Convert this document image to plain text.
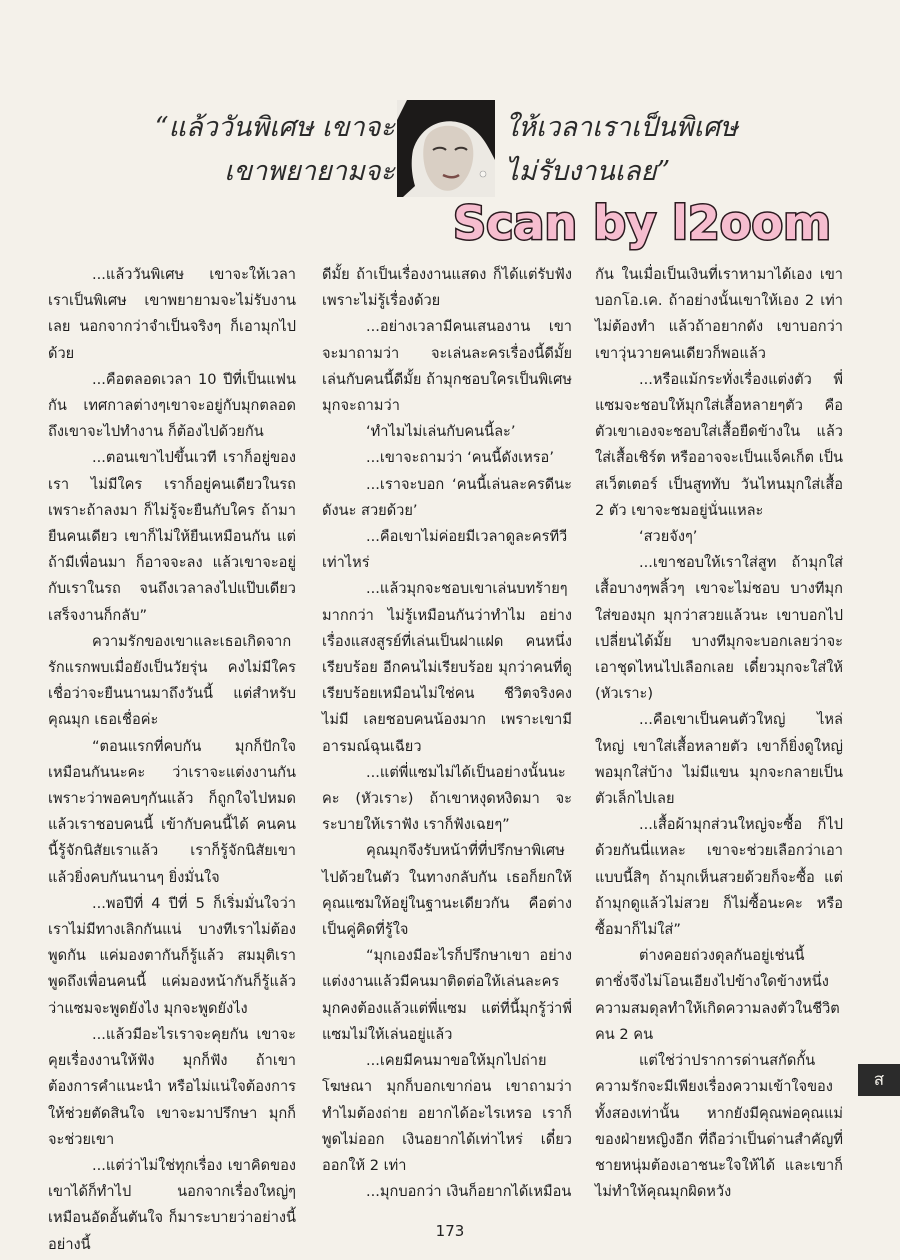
“แล้ววันพิเศษ เขาจะ
เขาพยายามจะ
ให้เวลาเราเป็นพิเศษ
ไม่รับงานเลย”
Scan by l2oom

...แล้ววันพิเศษ เขาจะให้เวลาเราเป็นพิเศษ เขาพยายามจะไม่รับงานเลย นอกจากว่าจำเป็นจริงๆ ก็เอามุกไปด้วย

...คือตลอดเวลา 10 ปีที่เป็นแฟนกัน เทศกาลต่างๆเขาจะอยู่กับมุกตลอด ถึงเขาจะไปทำงาน ก็ต้องไปด้วยกัน

...ตอนเขาไปขึ้นเวที เราก็อยู่ของเรา ไม่มีใคร เราก็อยู่คนเดียวในรถ เพราะถ้าลงมา ก็ไม่รู้จะยืนกับใคร ถ้ามายืนคนเดียว เขาก็ไม่ให้ยืนเหมือนกัน แต่ถ้ามีเพื่อนมา ก็อาจจะลง แล้วเขาจะอยู่กับเราในรถ จนถึงเวลาลงไปแป๊บเดียว เสร็จงานก็กลับ”

ความรักของเขาและเธอเกิดจากรักแรกพบเมื่อยังเป็นวัยรุ่น คงไม่มีใครเชื่อว่าจะยืนนานมาถึงวันนี้ แต่สำหรับคุณมุก เธอเชื่อค่ะ

“ตอนแรกที่คบกัน มุกก็ปักใจเหมือนกันนะคะ ว่าเราจะแต่งงานกัน เพราะว่าพอคบๆกันแล้ว ก็ถูกใจไปหมด แล้วเราชอบคนนี้ เข้ากับคนนี้ได้ คนคนนี้รู้จักนิสัยเราแล้ว เราก็รู้จักนิสัยเขา แล้วยิ่งคบกันนานๆ ยิ่งมั่นใจ

...พอปีที่ 4 ปีที่ 5 ก็เริ่มมั่นใจว่าเราไม่มีทางเลิกกันแน่ บางทีเราไม่ต้องพูดกัน แค่มองตากันก็รู้แล้ว สมมุติเราพูดถึงเพื่อนคนนี้ แค่มองหน้ากันก็รู้แล้วว่าแซมจะพูดยังไง มุกจะพูดยังไง

...แล้วมีอะไรเราจะคุยกัน เขาจะคุยเรื่องงานให้ฟัง มุกก็ฟัง ถ้าเขาต้องการคำแนะนำ หรือไม่แน่ใจต้องการให้ช่วยตัดสินใจ เขาจะมาปรึกษา มุกก็จะช่วยเขา

...แต่ว่าไม่ใช่ทุกเรื่อง เขาคิดของเขาได้ก็ทำไป นอกจากเรื่องใหญ่ๆเหมือนอัดอั้นตันใจ ก็มาระบายว่าอย่างนี้อย่างนี้

ดีมั้ย ถ้าเป็นเรื่องงานแสดง ก็ได้แต่รับฟัง เพราะไม่รู้เรื่องด้วย

...อย่างเวลามีคนเสนองาน เขาจะมาถามว่า จะเล่นละครเรื่องนี้ดีมั้ย เล่นกับคนนี้ดีมั้ย ถ้ามุกชอบใครเป็นพิเศษ มุกจะถามว่า

‘ทำไมไม่เล่นกับคนนี้ละ’

...เขาจะถามว่า ‘คนนี้ดังเหรอ’

...เราจะบอก ‘คนนี้เล่นละครดีนะ ดังนะ สวยด้วย’

...คือเขาไม่ค่อยมีเวลาดูละครทีวีเท่าไหร่

...แล้วมุกจะชอบเขาเล่นบทร้ายๆ มากกว่า ไม่รู้เหมือนกันว่าทำไม อย่างเรื่องแสงสูรย์ที่เล่นเป็นฝาแฝด คนหนึ่งเรียบร้อย อีกคนไม่เรียบร้อย มุกว่าคนที่ดูเรียบร้อยเหมือนไม่ใช่คน ชีวิตจริงคงไม่มี เลยชอบคนน้องมาก เพราะเขามีอารมณ์ฉุนเฉียว

...แต่พี่แซมไม่ได้เป็นอย่างนั้นนะคะ (หัวเราะ) ถ้าเขาหงุดหงิดมา จะระบายให้เราฟัง เราก็ฟังเฉยๆ”

คุณมุกจึงรับหน้าที่ที่ปรึกษาพิเศษไปด้วยในตัว ในทางกลับกัน เธอก็ยกให้คุณแซมให้อยู่ในฐานะเดียวกัน คือต่างเป็นคู่คิดที่รู้ใจ

“มุกเองมีอะไรก็ปรึกษาเขา อย่างแต่งงานแล้วมีคนมาติดต่อให้เล่นละคร มุกคงต้องแล้วแต่พี่แซม แต่ที่นี้มุกรู้ว่าพี่แซมไม่ให้เล่นอยู่แล้ว

...เคยมีคนมาขอให้มุกไปถ่ายโฆษณา มุกก็บอกเขาก่อน เขาถามว่าทำไมต้องถ่าย อยากได้อะไรเหรอ เราก็พูดไม่ออก เงินอยากได้เท่าไหร่ เดี๋ยวออกให้ 2 เท่า

...มุกบอกว่า เงินก็อยากได้เหมือน

กัน ในเมื่อเป็นเงินที่เราหามาได้เอง เขาบอกโอ.เค. ถ้าอย่างนั้นเขาให้เอง 2 เท่า ไม่ต้องทำ แล้วถ้าอยากดัง เขาบอกว่าเขาวุ่นวายคนเดียวก็พอแล้ว

...หรือแม้กระทั่งเรื่องแต่งตัว พี่แซมจะชอบให้มุกใส่เสื้อหลายๆตัว คือตัวเขาเองจะชอบใส่เสื้อยืดข้างใน แล้วใส่เสื้อเชิร์ต หรืออาจจะเป็นแจ็คเก็ต เป็นสเว็ตเตอร์ เป็นสูททับ วันไหนมุกใส่เสื้อ 2 ตัว เขาจะชมอยู่นั่นแหละ

‘สวยจังๆ’

...เขาชอบให้เราใส่สูท ถ้ามุกใส่เสื้อบางๆพลิ้วๆ เขาจะไม่ชอบ บางทีมุกใส่ของมุก มุกว่าสวยแล้วนะ เขาบอกไปเปลี่ยนได้มั้ย บางทีมุกจะบอกเลยว่าจะเอาชุดไหนไปเลือกเลย เดี๋ยวมุกจะใส่ให้ (หัวเราะ)

...คือเขาเป็นคนตัวใหญ่ ไหล่ใหญ่ เขาใส่เสื้อหลายตัว เขาก็ยิ่งดูใหญ่ พอมุกใส่บ้าง ไม่มีแขน มุกจะกลายเป็นตัวเล็กไปเลย

...เสื้อผ้ามุกส่วนใหญ่จะซื้อ ก็ไปด้วยกันนี่แหละ เขาจะช่วยเลือกว่าเอาแบบนี้สิๆ ถ้ามุกเห็นสวยด้วยก็จะซื้อ แต่ถ้ามุกดูแล้วไม่สวย ก็ไม่ซื้อนะคะ หรือซื้อมาก็ไม่ใส่”

ต่างคอยถ่วงดุลกันอยู่เช่นนี้ ตาชั่งจึงไม่โอนเอียงไปข้างใดข้างหนึ่ง ความสมดุลทำให้เกิดความลงตัวในชีวิตคน 2 คน

แต่ใช่ว่าปราการด่านสกัดกั้นความรักจะมีเพียงเรื่องความเข้าใจของทั้งสองเท่านั้น หากยังมีคุณพ่อคุณแม่ของฝ่ายหญิงอีก ที่ถือว่าเป็นด่านสำคัญที่ชายหนุ่มต้องเอาชนะใจให้ได้ และเขาก็ไม่ทำให้คุณมุกผิดหวัง

ส
173
